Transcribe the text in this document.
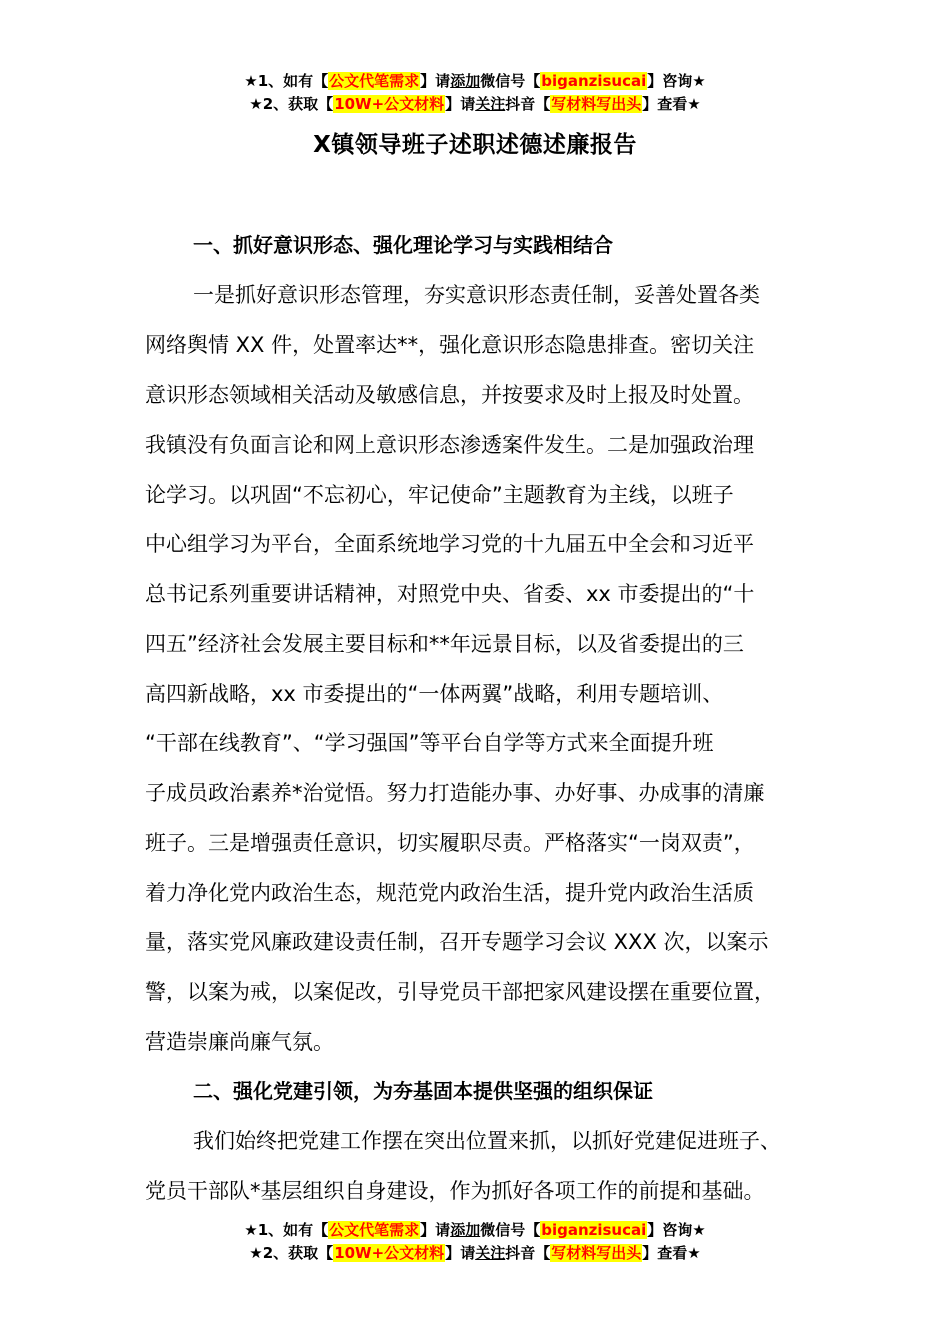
★1、如有【公文代笔需求】请添加微信号【biganzisucai】咨询★
★2、获取【10W+公文材料】请关注抖音【写材料写出头】查看★
X镇领导班子述职述德述廉报告
一、抓好意识形态、强化理论学习与实践相结合
一是抓好意识形态管理，夯实意识形态责任制，妥善处置各类
网络舆情 XX 件，处置率达**，强化意识形态隐患排查。密切关注
意识形态领域相关活动及敏感信息，并按要求及时上报及时处置。
我镇没有负面言论和网上意识形态渗透案件发生。二是加强政治理
论学习。以巩固“不忘初心，牢记使命”主题教育为主线，以班子
中心组学习为平台，全面系统地学习党的十九届五中全会和习近平
总书记系列重要讲话精神，对照党中央、省委、xx 市委提出的“十
四五”经济社会发展主要目标和**年远景目标，以及省委提出的三
高四新战略，xx 市委提出的“一体两翼”战略，利用专题培训、
“干部在线教育”、“学习强国”等平台自学等方式来全面提升班
子成员政治素养*治觉悟。努力打造能办事、办好事、办成事的清廉
班子。三是增强责任意识，切实履职尽责。严格落实“一岗双责”，
着力净化党内政治生态，规范党内政治生活，提升党内政治生活质
量，落实党风廉政建设责任制，召开专题学习会议 XXX 次，以案示
警，以案为戒，以案促改，引导党员干部把家风建设摆在重要位置，
营造崇廉尚廉气氛。
二、强化党建引领，为夯基固本提供坚强的组织保证
我们始终把党建工作摆在突出位置来抓，以抓好党建促进班子、
党员干部队*基层组织自身建设，作为抓好各项工作的前提和基础。
★1、如有【公文代笔需求】请添加微信号【biganzisucai】咨询★
★2、获取【10W+公文材料】请关注抖音【写材料写出头】查看★
